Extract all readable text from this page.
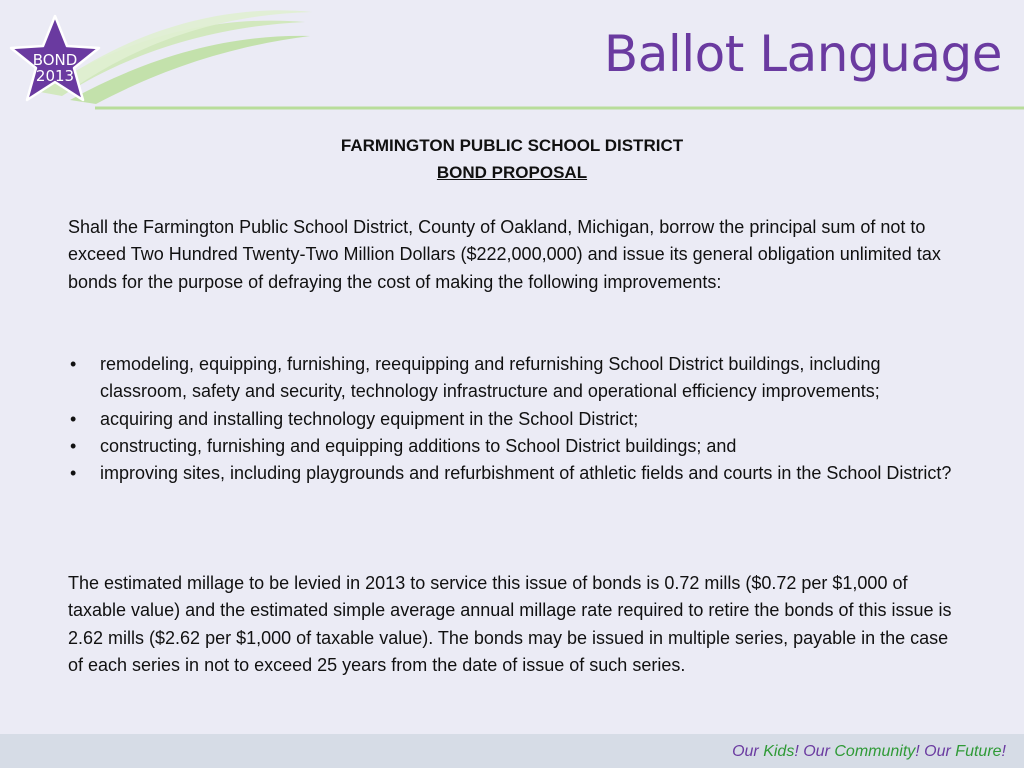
BOND
2013	Ballot Language
FARMINGTON PUBLIC SCHOOL DISTRICT
BOND PROPOSAL

Shall the Farmington Public School District, County of Oakland, Michigan, borrow the principal sum of not to exceed Two Hundred Twenty-Two Million Dollars ($222,000,000) and issue its general obligation unlimited tax bonds for the purpose of defraying the cost of making the following improvements:

• remodeling, equipping, furnishing, reequipping and refurnishing School District buildings, including classroom, safety and security, technology infrastructure and operational efficiency improvements;
• acquiring and installing technology equipment in the School District;
• constructing, furnishing and equipping additions to School District buildings; and
• improving sites, including playgrounds and refurbishment of athletic fields and courts in the School District?

The estimated millage to be levied in 2013 to service this issue of bonds is 0.72 mills ($0.72 per $1,000 of taxable value) and the estimated simple average annual millage rate required to retire the bonds of this issue is 2.62 mills ($2.62 per $1,000 of taxable value). The bonds may be issued in multiple series, payable in the case of each series in not to exceed 25 years from the date of issue of such series.

Our Kids! Our Community! Our Future!
